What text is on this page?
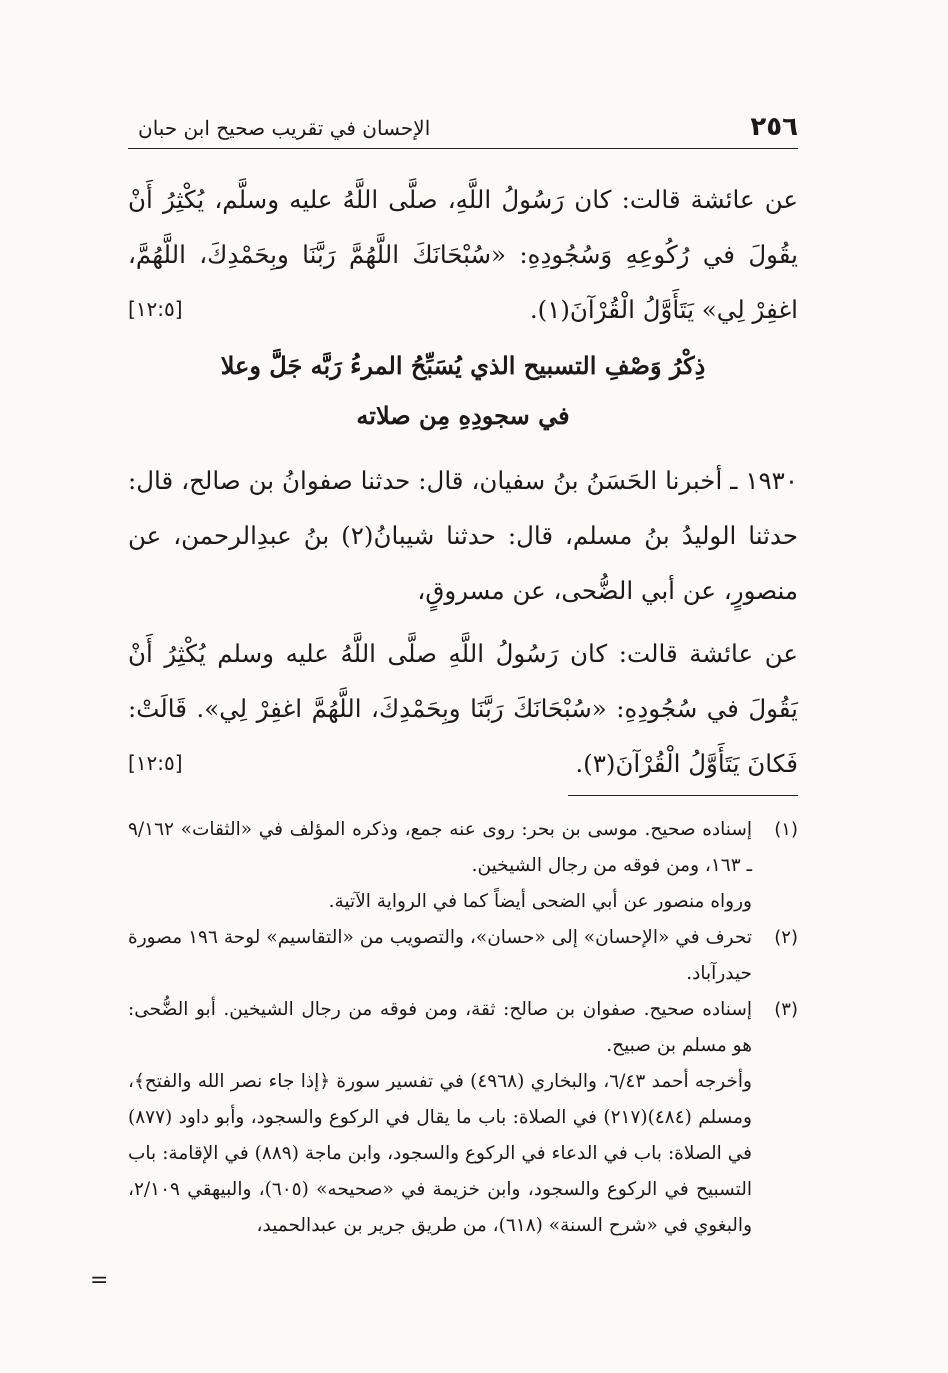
٢٥٦
الإحسان في تقريب صحيح ابن حبان

عن عائشة قالت: كان رَسُولُ اللَّهِ، صلَّى اللَّهُ عليه وسلَّم، يُكْثِرُ أَنْ يقُولَ في رُكُوعِهِ وَسُجُودِهِ: «سُبْحَانَكَ اللَّهُمَّ رَبَّنَا وبِحَمْدِكَ، اللَّهُمَّ، اغفِرْ لِي» يَتَأَوَّلُ الْقُرْآنَ(١).
[١٢:٥]

ذِكْرُ وَصْفِ التسبيح الذي يُسَبِّحُ المرءُ رَبَّه جَلَّ وعلا
في سجودِهِ مِن صلاته

١٩٣٠ ـ أخبرنا الحَسَنُ بنُ سفيان، قال: حدثنا صفوانُ بن صالح، قال: حدثنا الوليدُ بنُ مسلم، قال: حدثنا شيبانُ(٢) بنُ عبدِالرحمن، عن منصورٍ، عن أبي الضُّحى، عن مسروقٍ،

عن عائشة قالت: كان رَسُولُ اللَّهِ صلَّى اللَّهُ عليه وسلم يُكْثِرُ أَنْ يَقُولَ في سُجُودِهِ: «سُبْحَانَكَ رَبَّنَا وبِحَمْدِكَ، اللَّهُمَّ اغفِرْ لِي». قَالَتْ: فَكانَ يَتَأَوَّلُ الْقُرْآنَ(٣).
[١٢:٥]

(١)
إسناده صحيح. موسى بن بحر: روى عنه جمع، وذكره المؤلف في «الثقات» ٩/١٦٢ ـ ١٦٣، ومن فوقه من رجال الشيخين.
ورواه منصور عن أبي الضحى أيضاً كما في الرواية الآتية.
(٢)
تحرف في «الإحسان» إلى «حسان»، والتصويب من «التقاسيم» لوحة ١٩٦ مصورة حيدرآباد.
(٣)
إسناده صحيح. صفوان بن صالح: ثقة، ومن فوقه من رجال الشيخين. أبو الضُّحى: هو مسلم بن صبيح.
وأخرجه أحمد ٦/٤٣، والبخاري (٤٩٦٨) في تفسير سورة ﴿إذا جاء نصر الله والفتح﴾، ومسلم (٤٨٤)(٢١٧) في الصلاة: باب ما يقال في الركوع والسجود، وأبو داود (٨٧٧) في الصلاة: باب في الدعاء في الركوع والسجود، وابن ماجة (٨٨٩) في الإقامة: باب التسبيح في الركوع والسجود، وابن خزيمة في «صحيحه» (٦٠٥)، والبيهقي ٢/١٠٩، والبغوي في «شرح السنة» (٦١٨)، من طريق جرير بن عبدالحميد،
=
